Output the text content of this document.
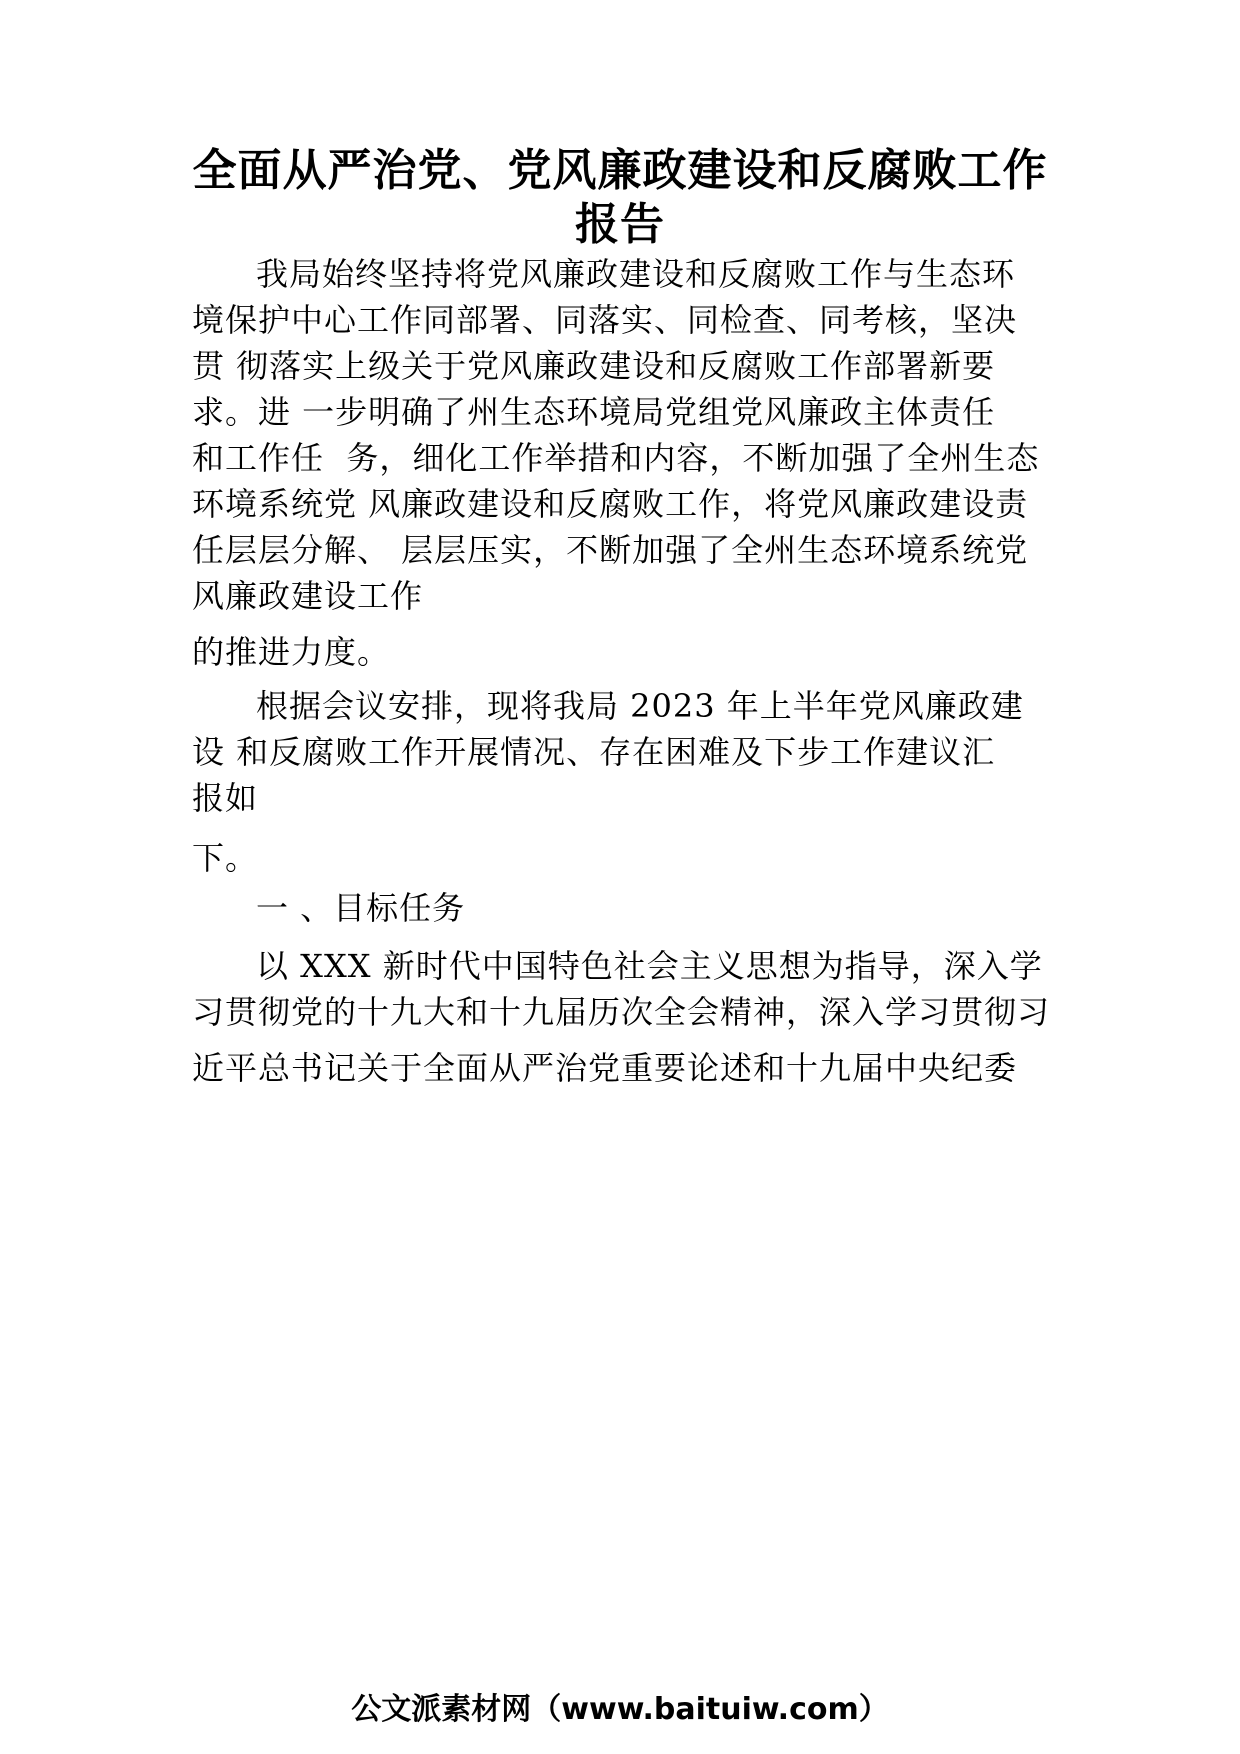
全面从严治党、党风廉政建设和反腐败工作
报告
我局始终坚持将党风廉政建设和反腐败工作与生态环
境保护中心工作同部署、同落实、同检查、同考核，坚决
贯 彻落实上级关于党风廉政建设和反腐败工作部署新要
求。进 一步明确了州生态环境局党组党风廉政主体责任
和工作任  务，细化工作举措和内容，不断加强了全州生态
环境系统党 风廉政建设和反腐败工作，将党风廉政建设责
任层层分解、 层层压实，不断加强了全州生态环境系统党
风廉政建设工作
的推进力度。
根据会议安排，现将我局 2023 年上半年党风廉政建
设 和反腐败工作开展情况、存在困难及下步工作建议汇
报如
下。
一 、目标任务
以 XXX 新时代中国特色社会主义思想为指导，深入学
习贯彻党的十九大和十九届历次全会精神，深入学习贯彻习
近平总书记关于全面从严治党重要论述和十九届中央纪委
公文派素材网（www.baituiw.com）
